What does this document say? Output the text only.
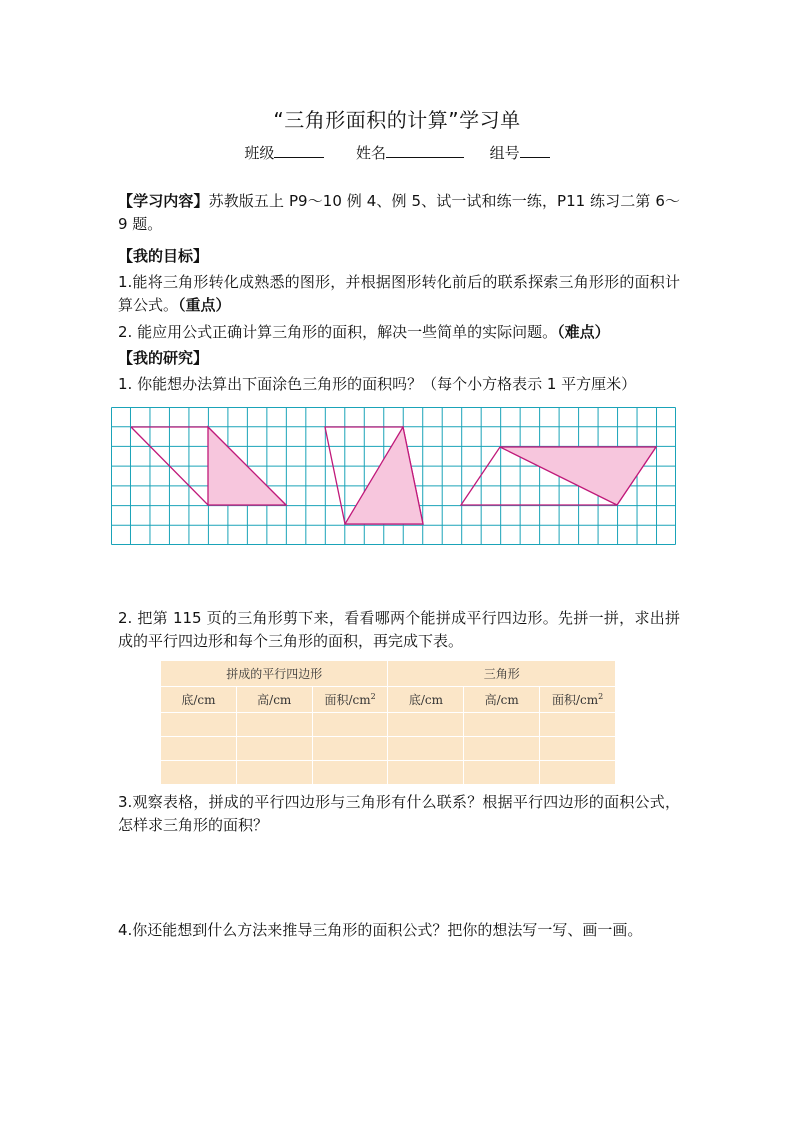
“三角形面积的计算”学习单
班级	姓名	组号
【学习内容】苏教版五上 P9～10 例 4、例 5、试一试和练一练，P11 练习二第 6～9 题。
【我的目标】
1.能将三角形转化成熟悉的图形，并根据图形转化前后的联系探索三角形形的面积计算公式。（重点）
2. 能应用公式正确计算三角形的面积，解决一些简单的实际问题。（难点）
【我的研究】
1. 你能想办法算出下面涂色三角形的面积吗？（每个小方格表示 1 平方厘米）
2. 把第 115 页的三角形剪下来，看看哪两个能拼成平行四边形。先拼一拼，求出拼成的平行四边形和每个三角形的面积，再完成下表。
拼成的平行四边形			三角形		
底/cm	高/cm	面积$/cm^2$	底/cm	高/cm	面积$/cm^2$

3.观察表格，拼成的平行四边形与三角形有什么联系？根据平行四边形的面积公式，怎样求三角形的面积？
4.你还能想到什么方法来推导三角形的面积公式？把你的想法写一写、画一画。
